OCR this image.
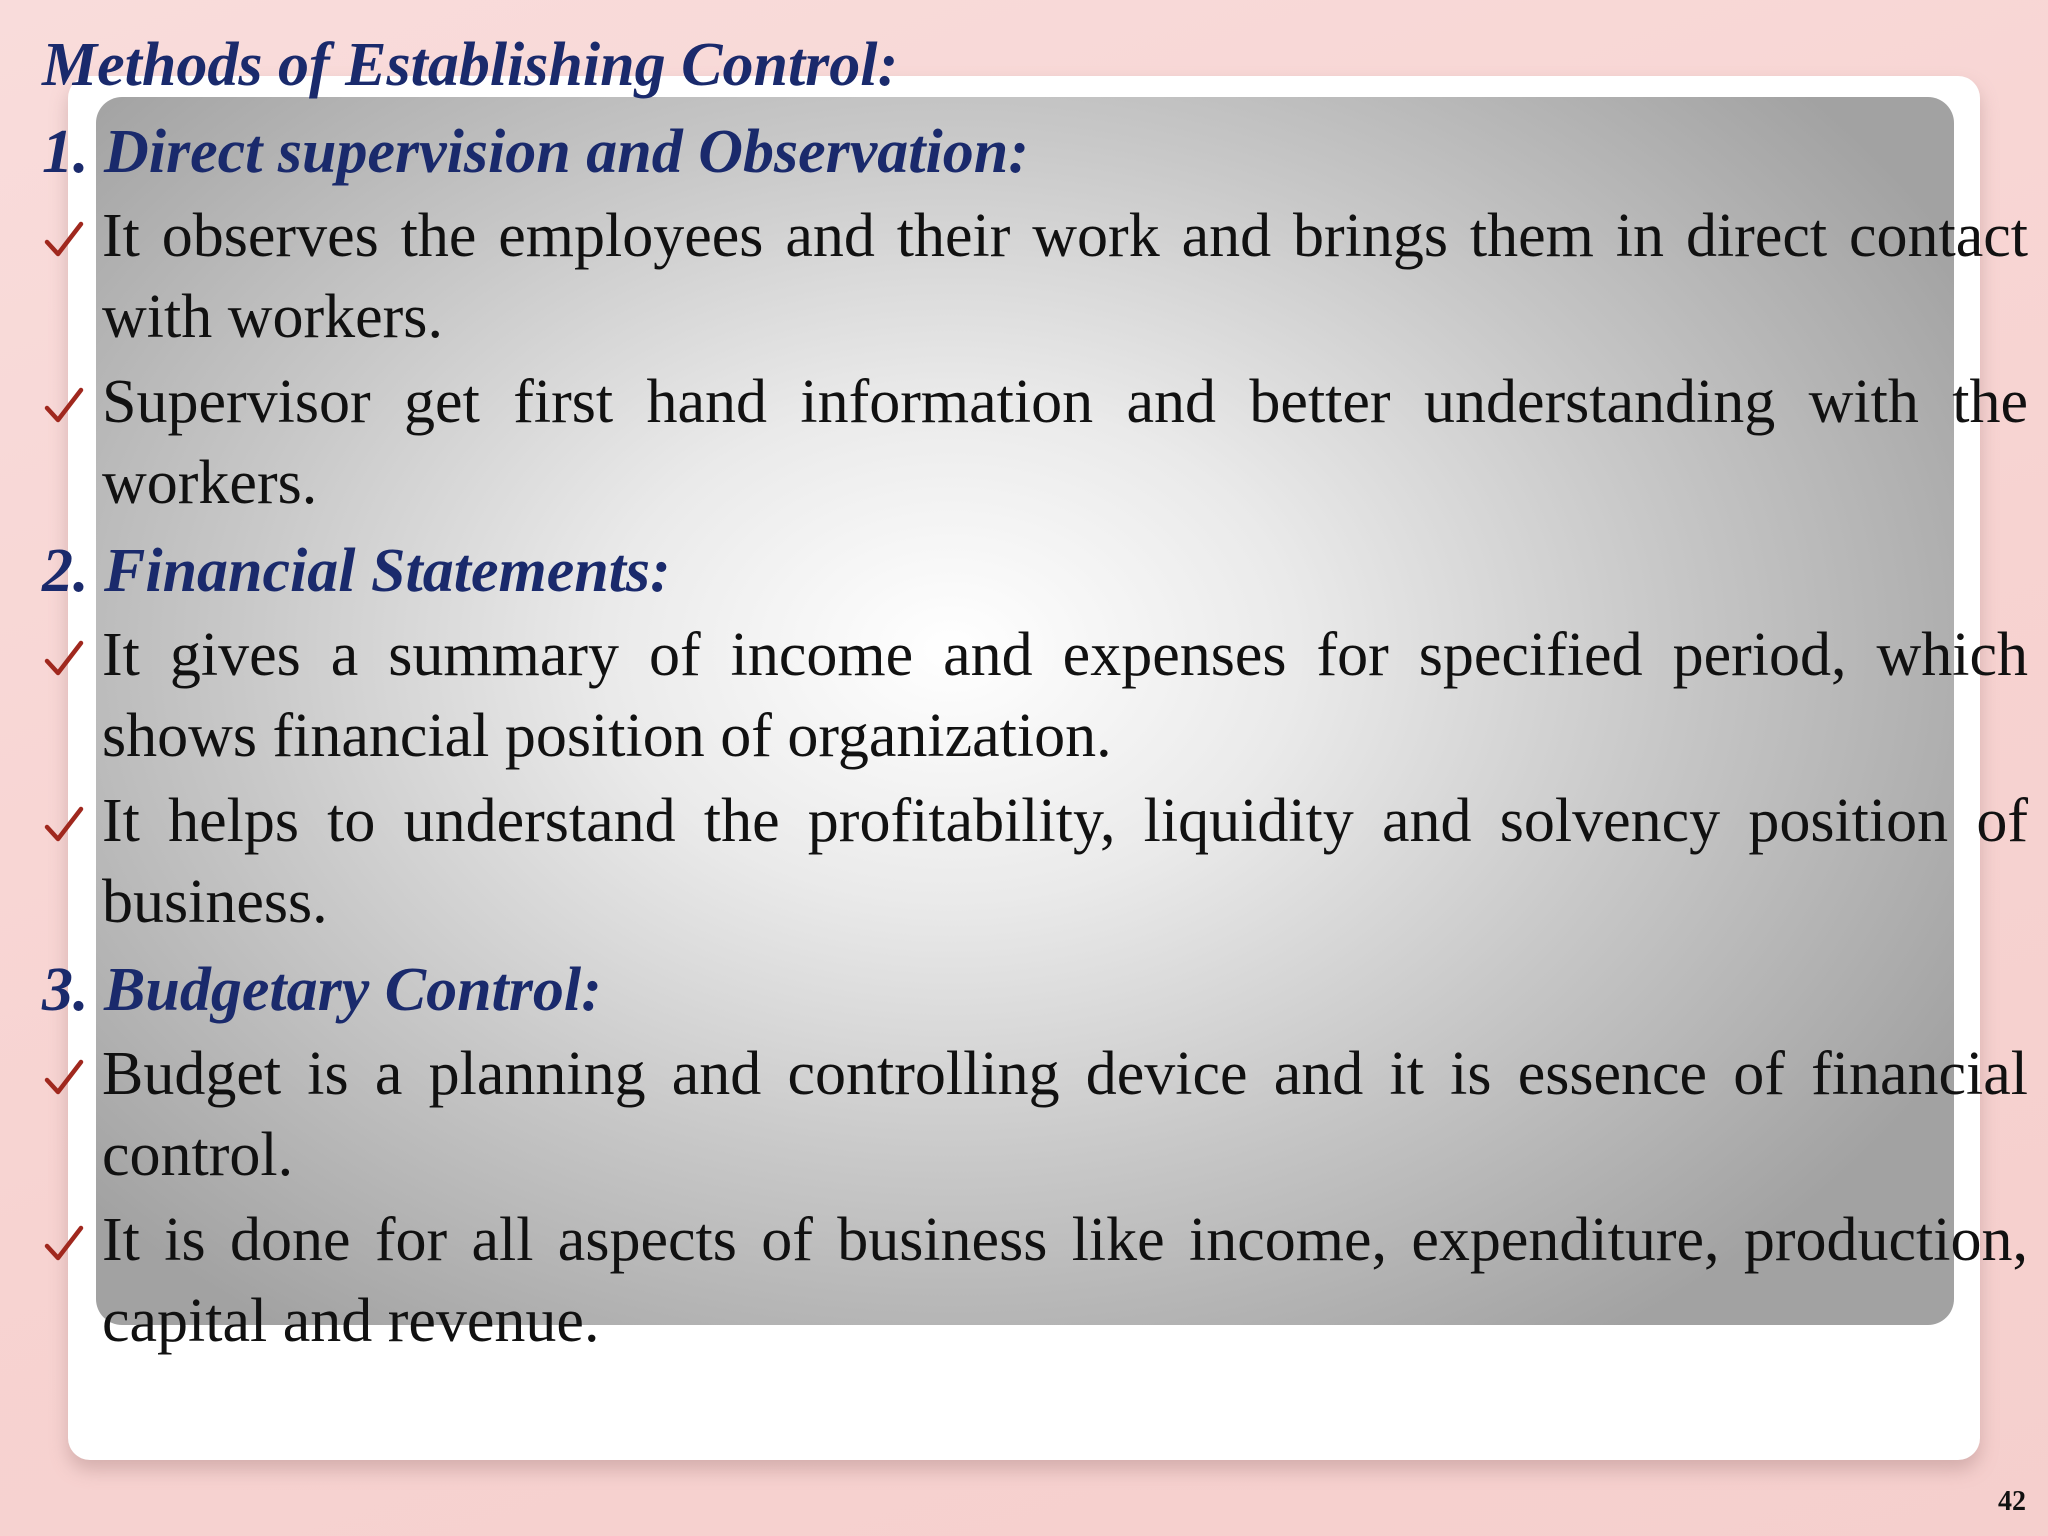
Methods of Establishing Control:
1. Direct supervision and Observation:

It observes the employees and their work and brings them in direct contact with workers.

Supervisor get first hand information and better understanding with the workers.

2. Financial Statements:

It gives a summary of income and expenses for specified period, which shows financial position of organization.

It helps to understand the profitability, liquidity and solvency position of business.

3. Budgetary Control:

Budget is a planning and controlling device and it is essence of financial control.

It is done for all aspects of business like income, expenditure, production, capital and revenue.

42
